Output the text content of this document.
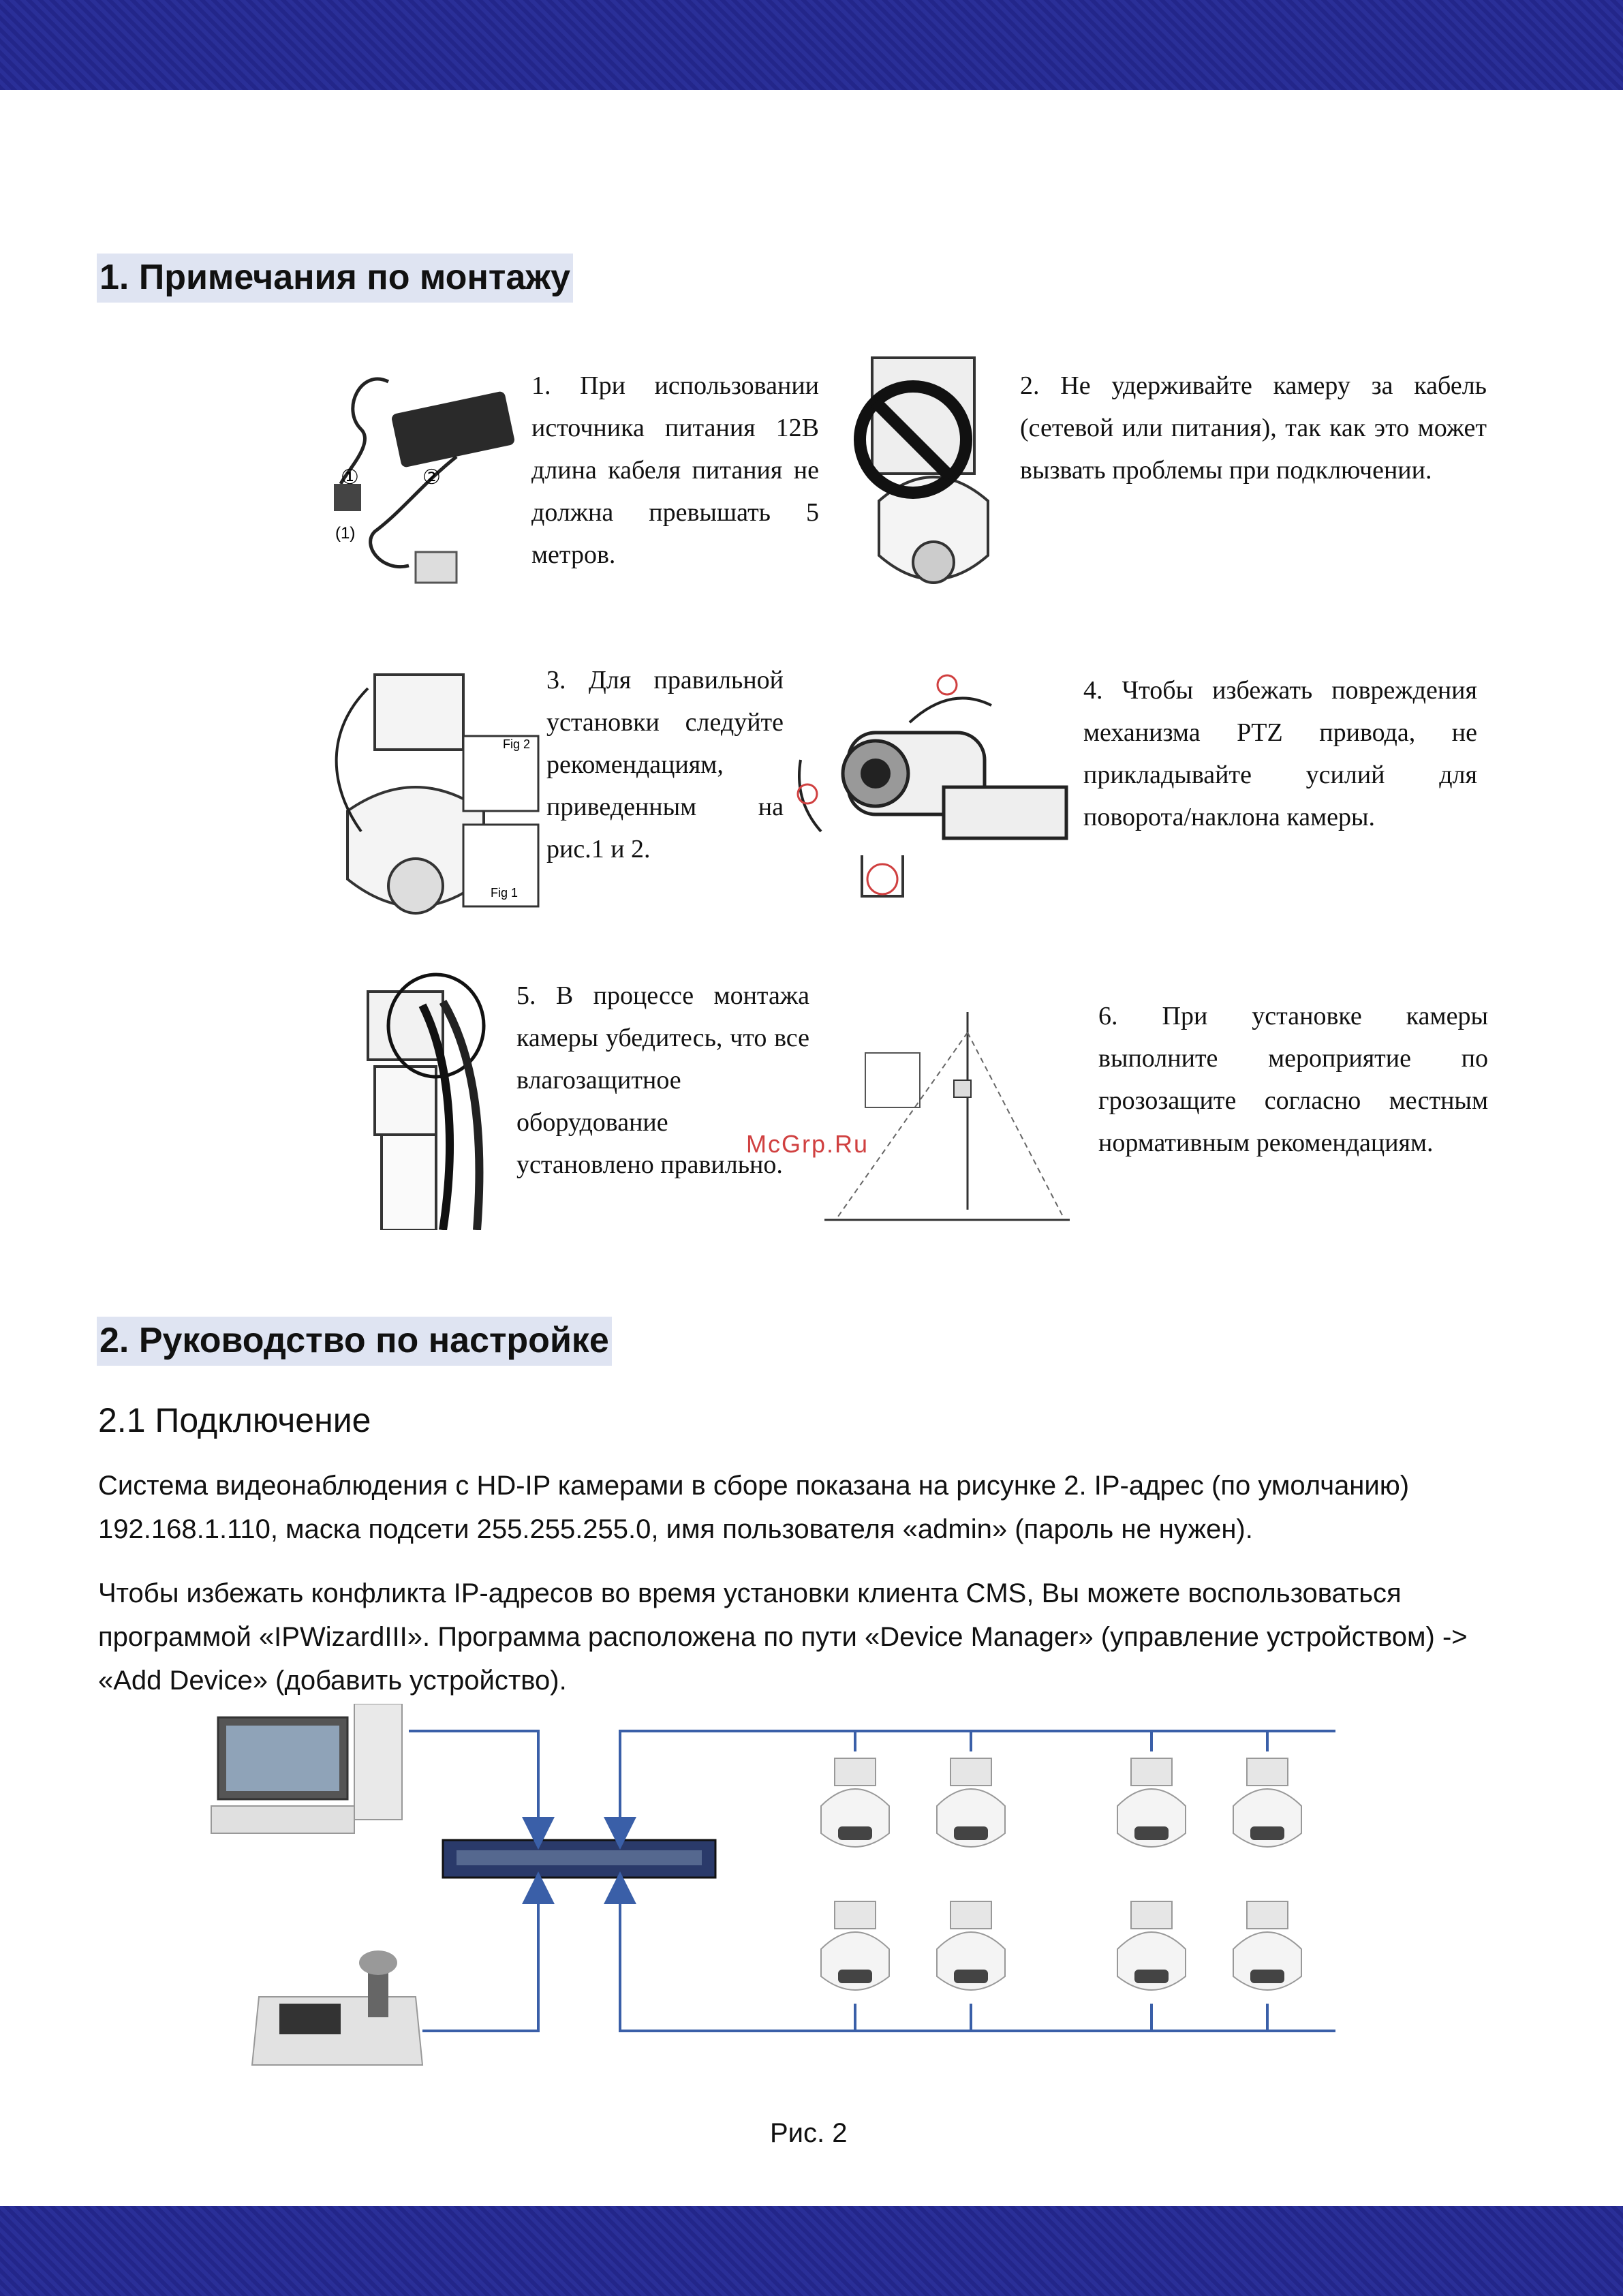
1. Примечания по монтажу
①	②
(1)

1. При использовании источника питания 12В длина кабеля питания не должна превышать 5 метров.

2. Не удерживайте камеру за кабель (сетевой или питания), так как это может вызвать проблемы при подключении.

Fig 2
Fig 1

3. Для правильной установки следуйте рекомендациям, приведенным на рис.1 и 2.

4. Чтобы избежать повреждения механизма PTZ привода, не прикладывайте усилий для поворота/наклона камеры.

5. В процессе монтажа камеры убедитесь, что все влагозащитное оборудование установлено правильно.

6. При установке камеры выполните мероприятие по грозозащите согласно местным нормативным рекомендациям.

McGrp.Ru
2. Руководство по настройке
2.1 Подключение

Система видеонаблюдения с HD-IP камерами в сборе показана на рисунке 2. IP-адрес (по умолчанию) 192.168.1.110, маска подсети 255.255.255.0, имя пользователя «admin» (пароль не нужен).

Чтобы избежать конфликта IP-адресов во время установки клиента CMS, Вы можете воспользоваться программой «IPWizardIII». Программа расположена по пути «Device Manager» (управление устройством) -> «Add Device» (добавить устройство).

Рис. 2
